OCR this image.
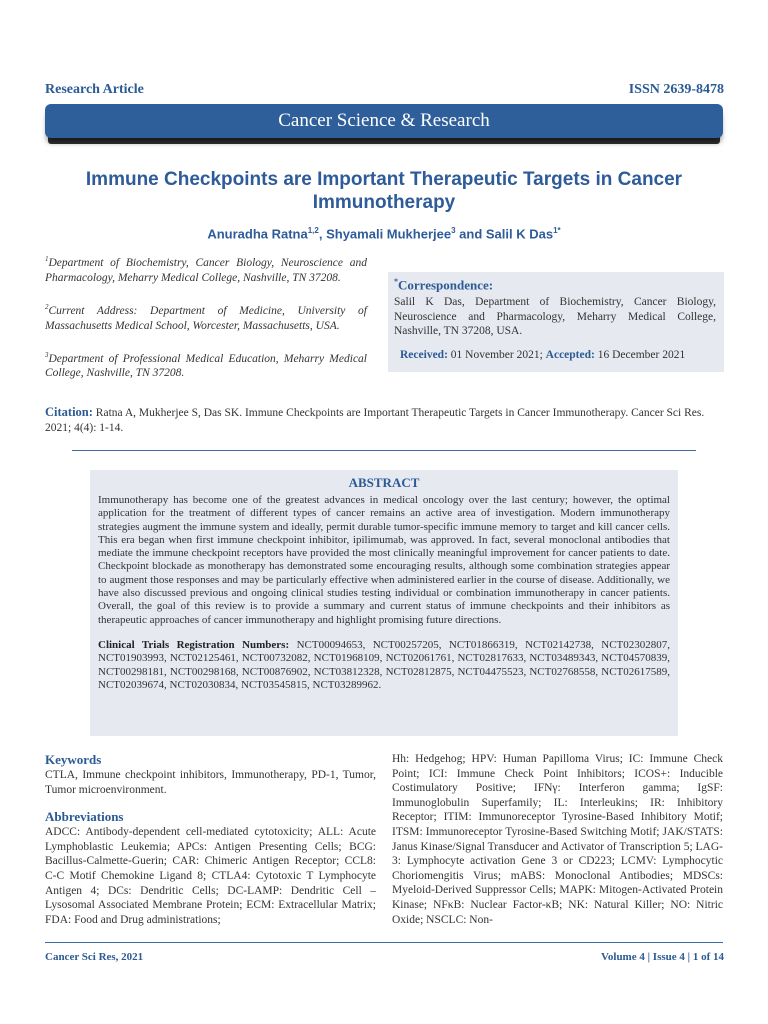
Research Article	ISSN 2639-8478
Cancer Science & Research
Immune Checkpoints are Important Therapeutic Targets in Cancer Immunotherapy
Anuradha Ratna$^{1,2}$, Shyamali Mukherjee$^3$ and Salil K Das$^{1*}$

$^1$Department of Biochemistry, Cancer Biology, Neuroscience and Pharmacology, Meharry Medical College, Nashville, TN 37208.

$^2$Current Address: Department of Medicine, University of Massachusetts Medical School, Worcester, Massachusetts, USA.

$^3$Department of Professional Medical Education, Meharry Medical College, Nashville, TN 37208.

*Correspondence:
Salil K Das, Department of Biochemistry, Cancer Biology, Neuroscience and Pharmacology, Meharry Medical College, Nashville, TN 37208, USA.
Received: 01 November 2021; Accepted: 16 December 2021
Citation: Ratna A, Mukherjee S, Das SK. Immune Checkpoints are Important Therapeutic Targets in Cancer Immunotherapy. Cancer Sci Res. 2021; 4(4): 1-14.
ABSTRACT

Immunotherapy has become one of the greatest advances in medical oncology over the last century; however, the optimal application for the treatment of different types of cancer remains an active area of investigation. Modern immunotherapy strategies augment the immune system and ideally, permit durable tumor-specific immune memory to target and kill cancer cells. This era began when first immune checkpoint inhibitor, ipilimumab, was approved. In fact, several monoclonal antibodies that mediate the immune checkpoint receptors have provided the most clinically meaningful improvement for cancer patients to date. Checkpoint blockade as monotherapy has demonstrated some encouraging results, although some combination strategies appear to augment those responses and may be particularly effective when administered earlier in the course of disease. Additionally, we have also discussed previous and ongoing clinical studies testing individual or combination immunotherapy in cancer patients. Overall, the goal of this review is to provide a summary and current status of immune checkpoints and their inhibitors as therapeutic approaches of cancer immunotherapy and highlight promising future directions.

Clinical Trials Registration Numbers: NCT00094653, NCT00257205, NCT01866319, NCT02142738, NCT02302807, NCT01903993, NCT02125461, NCT00732082, NCT01968109, NCT02061761, NCT02817633, NCT03489343, NCT04570839, NCT00298181, NCT00298168, NCT00876902, NCT03812328, NCT02812875, NCT04475523, NCT02768558, NCT02617589, NCT02039674, NCT02030834, NCT03545815, NCT03289962.

Keywords

CTLA, Immune checkpoint inhibitors, Immunotherapy, PD-1, Tumor, Tumor microenvironment.

Abbreviations

ADCC: Antibody-dependent cell-mediated cytotoxicity; ALL: Acute Lymphoblastic Leukemia; APCs: Antigen Presenting Cells; BCG: Bacillus-Calmette-Guerin; CAR: Chimeric Antigen Receptor; CCL8: C-C Motif Chemokine Ligand 8; CTLA4: Cytotoxic T Lymphocyte Antigen 4; DCs: Dendritic Cells; DC-LAMP: Dendritic Cell –Lysosomal Associated Membrane Protein; ECM: Extracellular Matrix; FDA: Food and Drug administrations;

Hh: Hedgehog; HPV: Human Papilloma Virus; IC: Immune Check Point; ICI: Immune Check Point Inhibitors; ICOS+: Inducible Costimulatory Positive; IFNγ: Interferon gamma; IgSF: Immunoglobulin Superfamily; IL: Interleukins; IR: Inhibitory Receptor; ITIM: Immunoreceptor Tyrosine-Based Inhibitory Motif; ITSM: Immunoreceptor Tyrosine-Based Switching Motif; JAK/STATS: Janus Kinase/Signal Transducer and Activator of Transcription 5; LAG-3: Lymphocyte activation Gene 3 or CD223; LCMV: Lymphocytic Choriomengitis Virus; mABS: Monoclonal Antibodies; MDSCs: Myeloid-Derived Suppressor Cells; MAPK: Mitogen-Activated Protein Kinase; NFκB: Nuclear Factor-κB; NK: Natural Killer; NO: Nitric Oxide; NSCLC: Non-

Cancer Sci Res, 2021	Volume 4 | Issue 4 | 1 of 14
